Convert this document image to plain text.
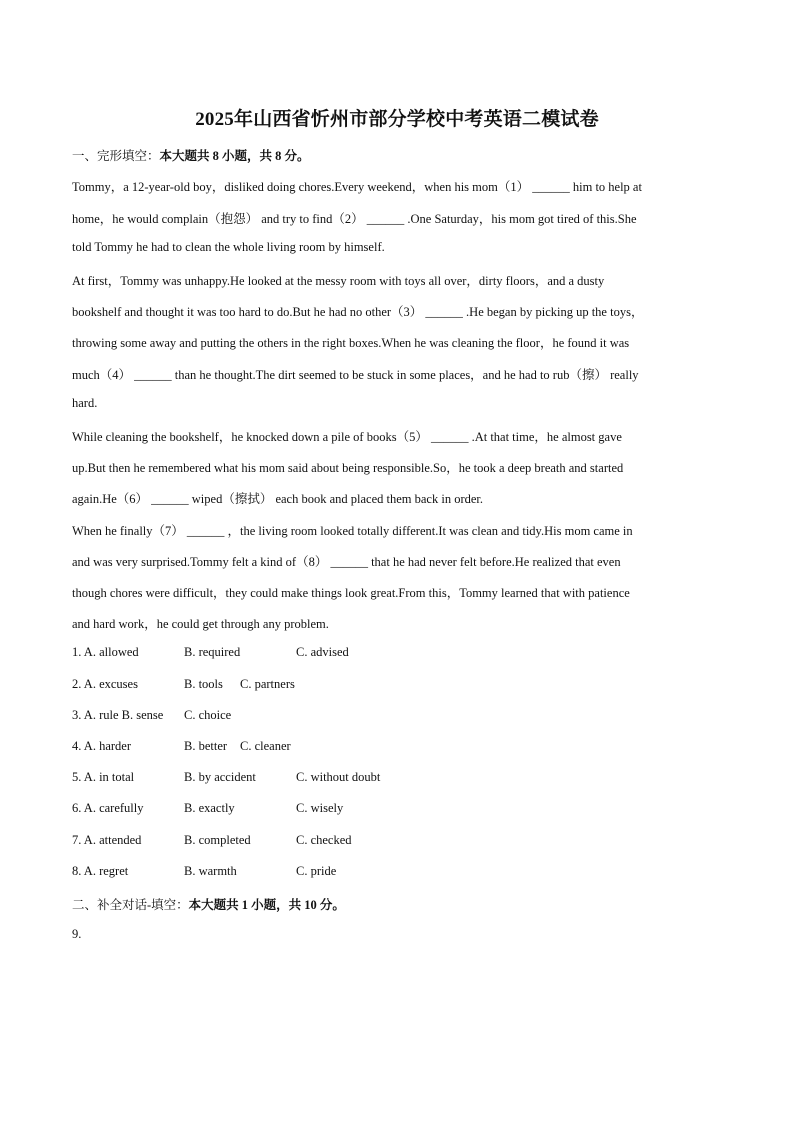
2025年山西省忻州市部分学校中考英语二模试卷
一、完形填空：本大题共 8 小题，共 8 分。
Tommy，a 12-year-old boy，disliked doing chores.Every weekend，when his mom（1） ______ him to help at
home，he would complain（抱怨） and try to find（2） ______ .One Saturday，his mom got tired of this.She
told Tommy he had to clean the whole living room by himself.
At first，Tommy was unhappy.He looked at the messy room with toys all over，dirty floors，and a dusty
bookshelf and thought it was too hard to do.But he had no other（3） ______ .He began by picking up the toys，
throwing some away and putting the others in the right boxes.When he was cleaning the floor，he found it was
much（4） ______ than he thought.The dirt seemed to be stuck in some places，and he had to rub（擦） really
hard.
While cleaning the bookshelf，he knocked down a pile of books（5） ______ .At that time，he almost gave
up.But then he remembered what his mom said about being responsible.So，he took a deep breath and started
again.He（6） ______ wiped（擦拭） each book and placed them back in order.
When he finally（7） ______ ，the living room looked totally different.It was clean and tidy.His mom came in
and was very surprised.Tommy felt a kind of（8） ______ that he had never felt before.He realized that even
though chores were difficult，they could make things look great.From this，Tommy learned that with patience
and hard work，he could get through any problem.
1. A. allowed	B. required	C. advised
2. A. excuses	B. tools C. partners
3. A. rule B. sense C. choice
4. A. harder	B. better C. cleaner
5. A. in total	B. by accident	C. without doubt
6. A. carefully	B. exactly	C. wisely
7. A. attended	B. completed	C. checked
8. A. regret	B. warmth	C. pride
二、补全对话-填空：本大题共 1 小题，共 10 分。
9.
